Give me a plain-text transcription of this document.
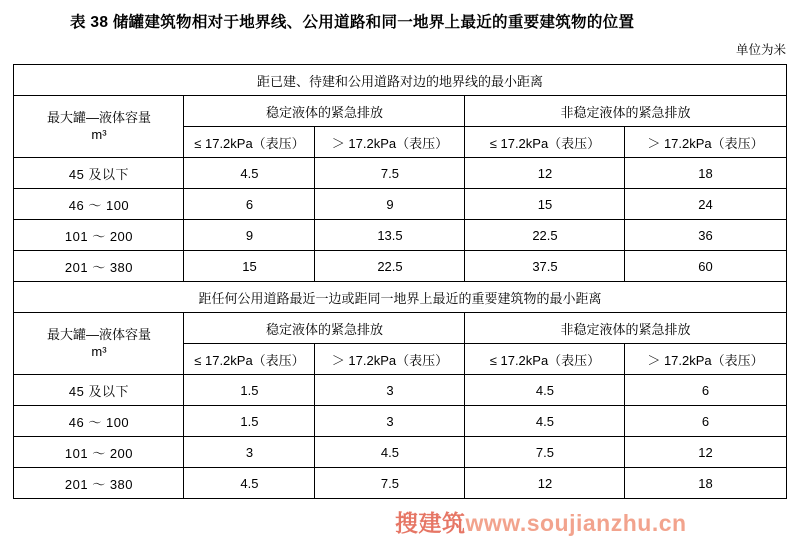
表 38 储罐建筑物相对于地界线、公用道路和同一地界上最近的重要建筑物的位置
单位为米
距已建、待建和公用道路对边的地界线的最小距离				

最大罐—液体容量
m³	稳定液体的紧急排放		非稳定液体的紧急排放	
	≤ 17.2kPa（表压）	＞ 17.2kPa（表压）	≤ 17.2kPa（表压）	＞ 17.2kPa（表压）
45 及以下	4.5	7.5	12	18
46 ～ 100	6	9	15	24
101 ～ 200	9	13.5	22.5	36
201 ～ 380	15	22.5	37.5	60
距任何公用道路最近一边或距同一地界上最近的重要建筑物的最小距离				

最大罐—液体容量
m³	稳定液体的紧急排放		非稳定液体的紧急排放	
	≤ 17.2kPa（表压）	＞ 17.2kPa（表压）	≤ 17.2kPa（表压）	＞ 17.2kPa（表压）
45 及以下	1.5	3	4.5	6
46 ～ 100	1.5	3	4.5	6
101 ～ 200	3	4.5	7.5	12
201 ～ 380	4.5	7.5	12	18
搜建筑www.soujianzhu.cn
